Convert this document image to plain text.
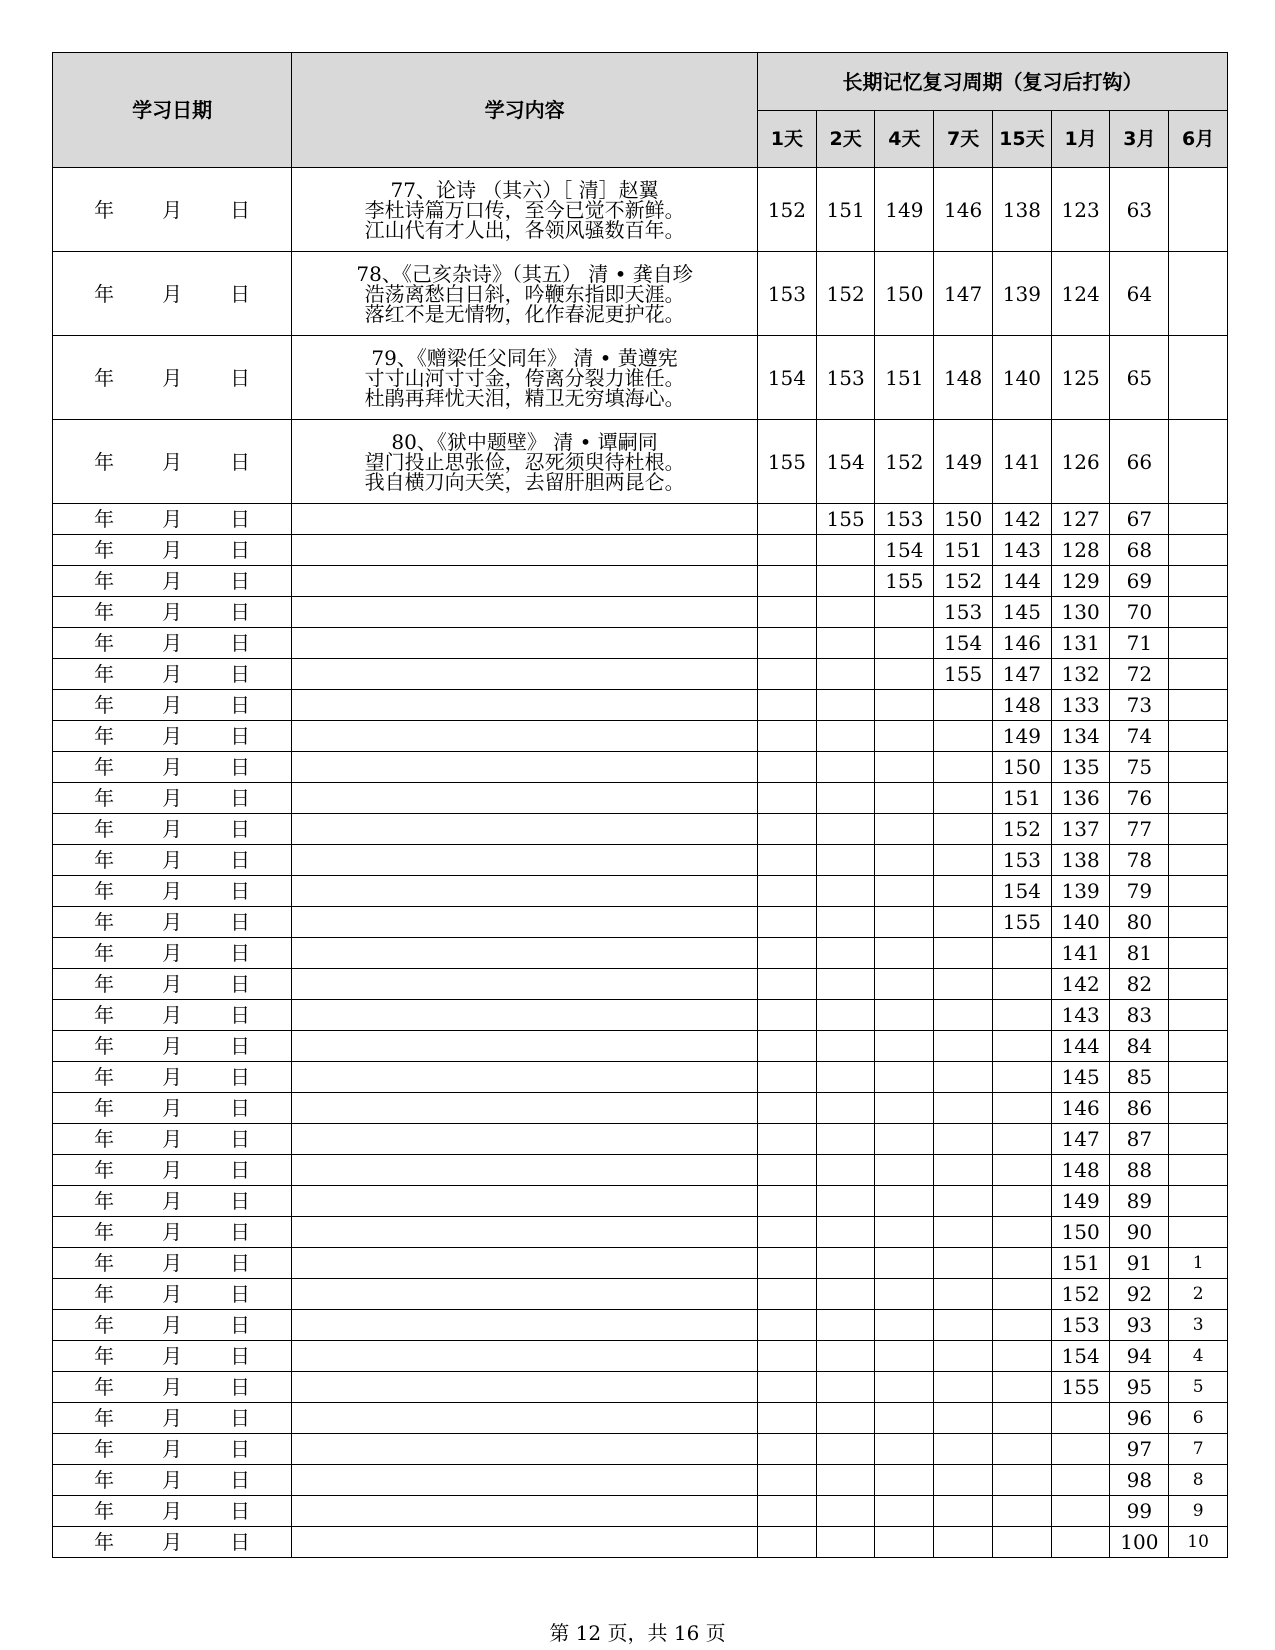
学习日期	学习内容	长期记忆复习周期（复习后打钩）							
		1天	2天	4天	7天	15天	1月	3月	6月
年 月 日	77、论诗 （其六）［ 清］赵翼
李杜诗篇万口传，至今已觉不新鲜。
江山代有才人出，各领风骚数百年。	152	151	149	146	138	123	63	
年 月 日	78、《己亥杂诗》（其五） 清 • 龚自珍
浩荡离愁白日斜，吟鞭东指即天涯。
落红不是无情物，化作春泥更护花。	153	152	150	147	139	124	64	
年 月 日	79、《赠梁任父同年》 清 • 黄遵宪
寸寸山河寸寸金，侉离分裂力谁任。
杜鹃再拜忧天泪，精卫无穷填海心。	154	153	151	148	140	125	65	
年 月 日	80、《狱中题壁》 清 • 谭嗣同
望门投止思张俭，忍死须臾待杜根。
我自横刀向天笑，去留肝胆两昆仑。	155	154	152	149	141	126	66	
年 月 日			155	153	150	142	127	67	
年 月 日				154	151	143	128	68	
年 月 日				155	152	144	129	69	
年 月 日					153	145	130	70	
年 月 日					154	146	131	71	
年 月 日					155	147	132	72	
年 月 日						148	133	73	
年 月 日						149	134	74	
年 月 日						150	135	75	
年 月 日						151	136	76	
年 月 日						152	137	77	
年 月 日						153	138	78	
年 月 日						154	139	79	
年 月 日						155	140	80	
年 月 日							141	81	
年 月 日							142	82	
年 月 日							143	83	
年 月 日							144	84	
年 月 日							145	85	
年 月 日							146	86	
年 月 日							147	87	
年 月 日							148	88	
年 月 日							149	89	
年 月 日							150	90	
年 月 日							151	91	1
年 月 日							152	92	2
年 月 日							153	93	3
年 月 日							154	94	4
年 月 日							155	95	5
年 月 日								96	6
年 月 日								97	7
年 月 日								98	8
年 月 日								99	9
年 月 日								100	10
第 12 页，共 16 页
